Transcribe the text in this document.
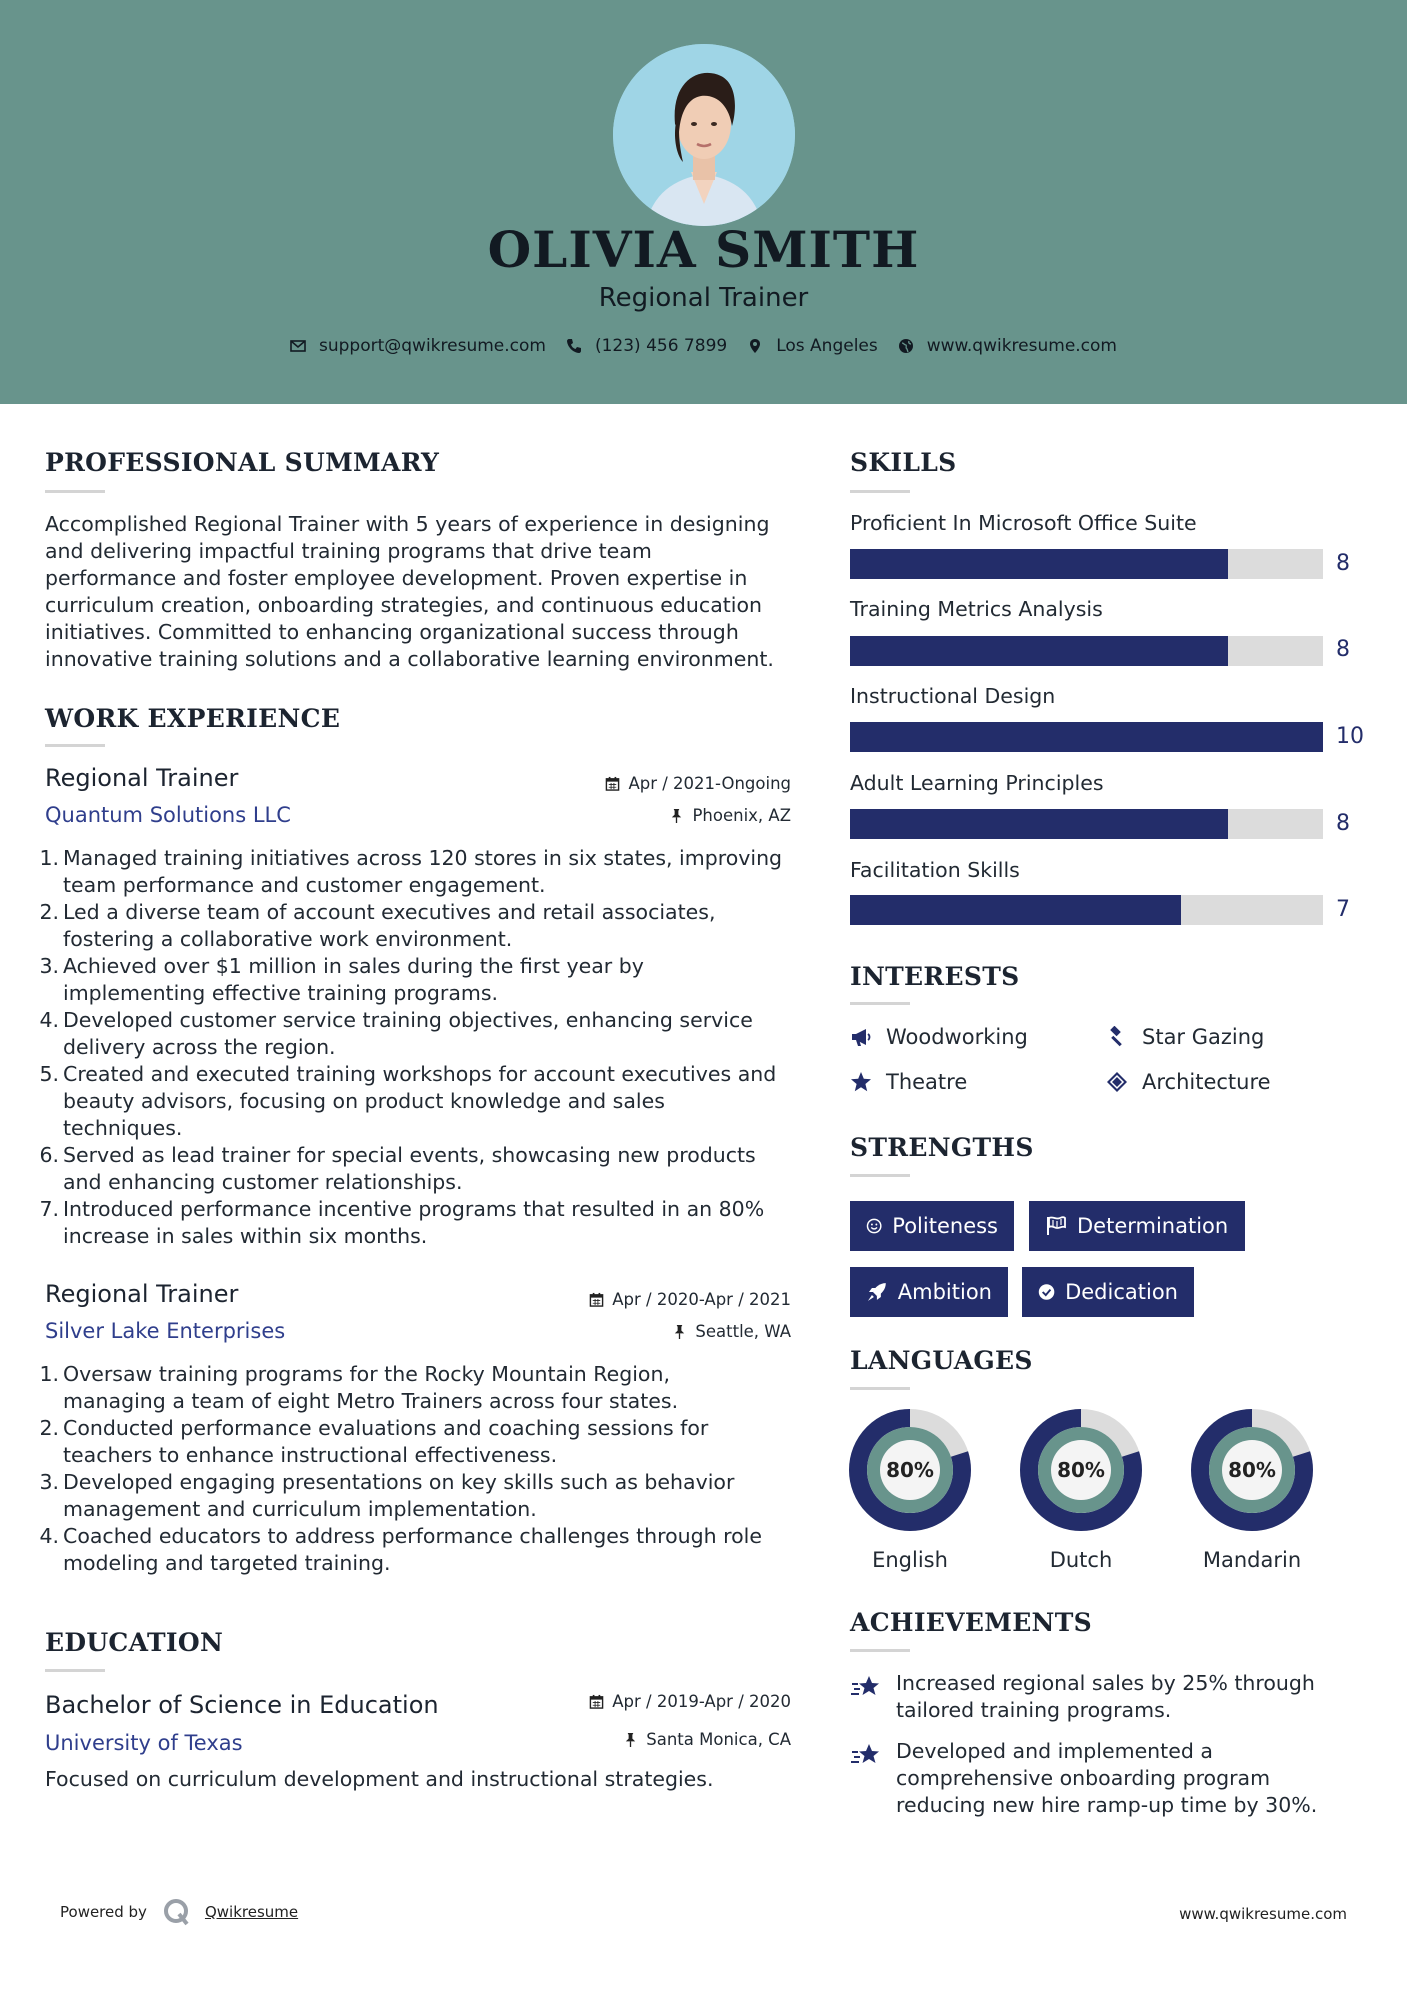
OLIVIA SMITH
Regional Trainer
support@qwikresume.com	(123) 456 7899	Los Angeles	www.qwikresume.com
PROFESSIONAL SUMMARY
Accomplished Regional Trainer with 5 years of experience in designing
and delivering impactful training programs that drive team
performance and foster employee development. Proven expertise in
curriculum creation, onboarding strategies, and continuous education
initiatives. Committed to enhancing organizational success through
innovative training solutions and a collaborative learning environment.
WORK EXPERIENCE
Regional Trainer
Quantum Solutions LLC
Apr / 2021-Ongoing
Phoenix, AZ
1. Managed training initiatives across 120 stores in six states, improving
team performance and customer engagement.
2. Led a diverse team of account executives and retail associates,
fostering a collaborative work environment.
3. Achieved over $1 million in sales during the first year by
implementing effective training programs.
4. Developed customer service training objectives, enhancing service
delivery across the region.
5. Created and executed training workshops for account executives and
beauty advisors, focusing on product knowledge and sales
techniques.
6. Served as lead trainer for special events, showcasing new products
and enhancing customer relationships.
7. Introduced performance incentive programs that resulted in an 80%
increase in sales within six months.
Regional Trainer
Silver Lake Enterprises
Apr / 2020-Apr / 2021
Seattle, WA
1. Oversaw training programs for the Rocky Mountain Region,
managing a team of eight Metro Trainers across four states.
2. Conducted performance evaluations and coaching sessions for
teachers to enhance instructional effectiveness.
3. Developed engaging presentations on key skills such as behavior
management and curriculum implementation.
4. Coached educators to address performance challenges through role
modeling and targeted training.
EDUCATION
Bachelor of Science in Education
University of Texas
Apr / 2019-Apr / 2020
Santa Monica, CA
Focused on curriculum development and instructional strategies.
SKILLS
Proficient In Microsoft Office Suite
8
Training Metrics Analysis
8
Instructional Design
10
Adult Learning Principles
8
Facilitation Skills
7
INTERESTS
Woodworking	Star Gazing
Theatre	Architecture
STRENGTHS
Politeness	Determination
Ambition	Dedication
LANGUAGES
80%
English
80%
Dutch
80%
Mandarin
ACHIEVEMENTS
Increased regional sales by 25% through
tailored training programs.
Developed and implemented a
comprehensive onboarding program
reducing new hire ramp-up time by 30%.
Powered by	Qwikresume	www.qwikresume.com
